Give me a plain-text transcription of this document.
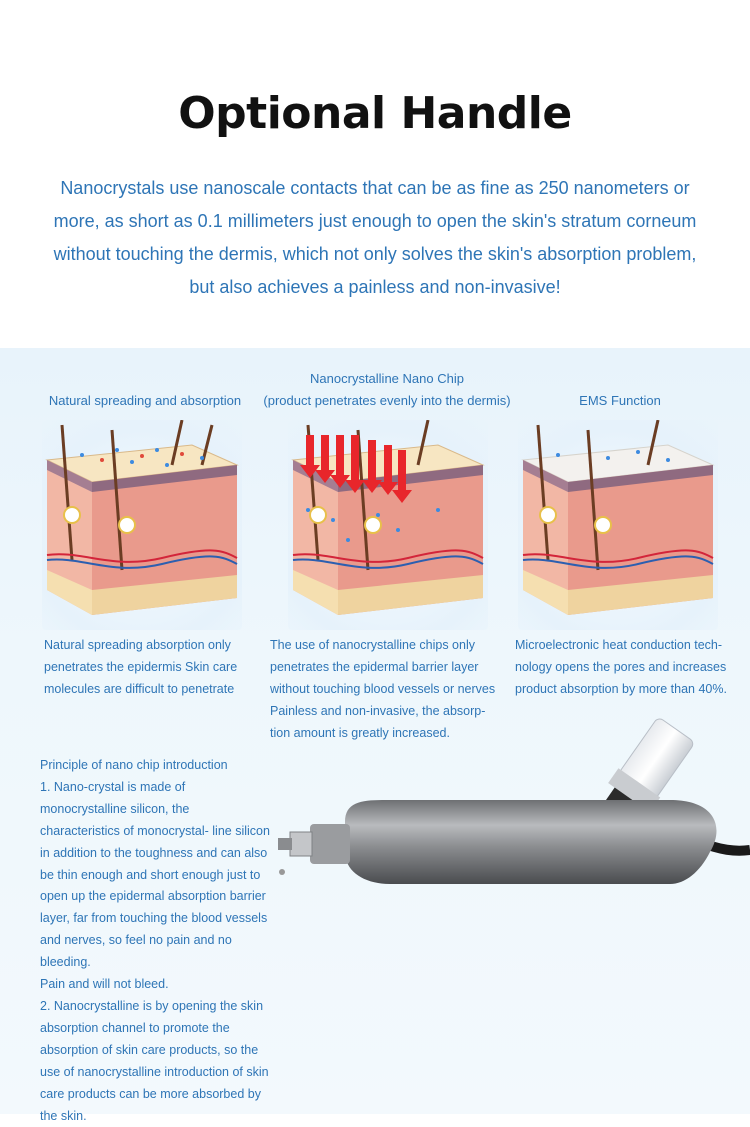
Optional Handle
Nanocrystals use nanoscale contacts that can be as fine as 250 nanometers or more, as short as 0.1 millimeters just enough to open the skin's stratum corneum without touching the dermis, which not only solves the skin's absorption problem, but also achieves a painless and non-invasive!
Natural spreading and absorption
Natural spreading absorption only penetrates the epidermis Skin care molecules are difficult to penetrate
Nanocrystalline Nano Chip
(product penetrates evenly into the dermis)
The use of nanocrystalline chips only penetrates the epidermal barrier layer without touching blood vessels or nerves Painless and non-invasive, the absorp- tion amount is greatly increased.
EMS Function
Microelectronic heat conduction tech- nology opens the pores and increases product absorption by more than 40%.

Principle of nano chip introduction

1. Nano-crystal is made of monocrystalline silicon, the characteristics of monocrystal- line silicon in addition to the toughness and can also be thin enough and short enough just to open up the epidermal absorption barrier layer, far from touching the blood vessels and nerves, so feel no pain and no bleeding.

Pain and will not bleed.

2. Nanocrystalline is by opening the skin absorption channel to promote the absorption of skin care products, so the use of nanocrystalline introduction of skin care products can be more absorbed by the skin.
